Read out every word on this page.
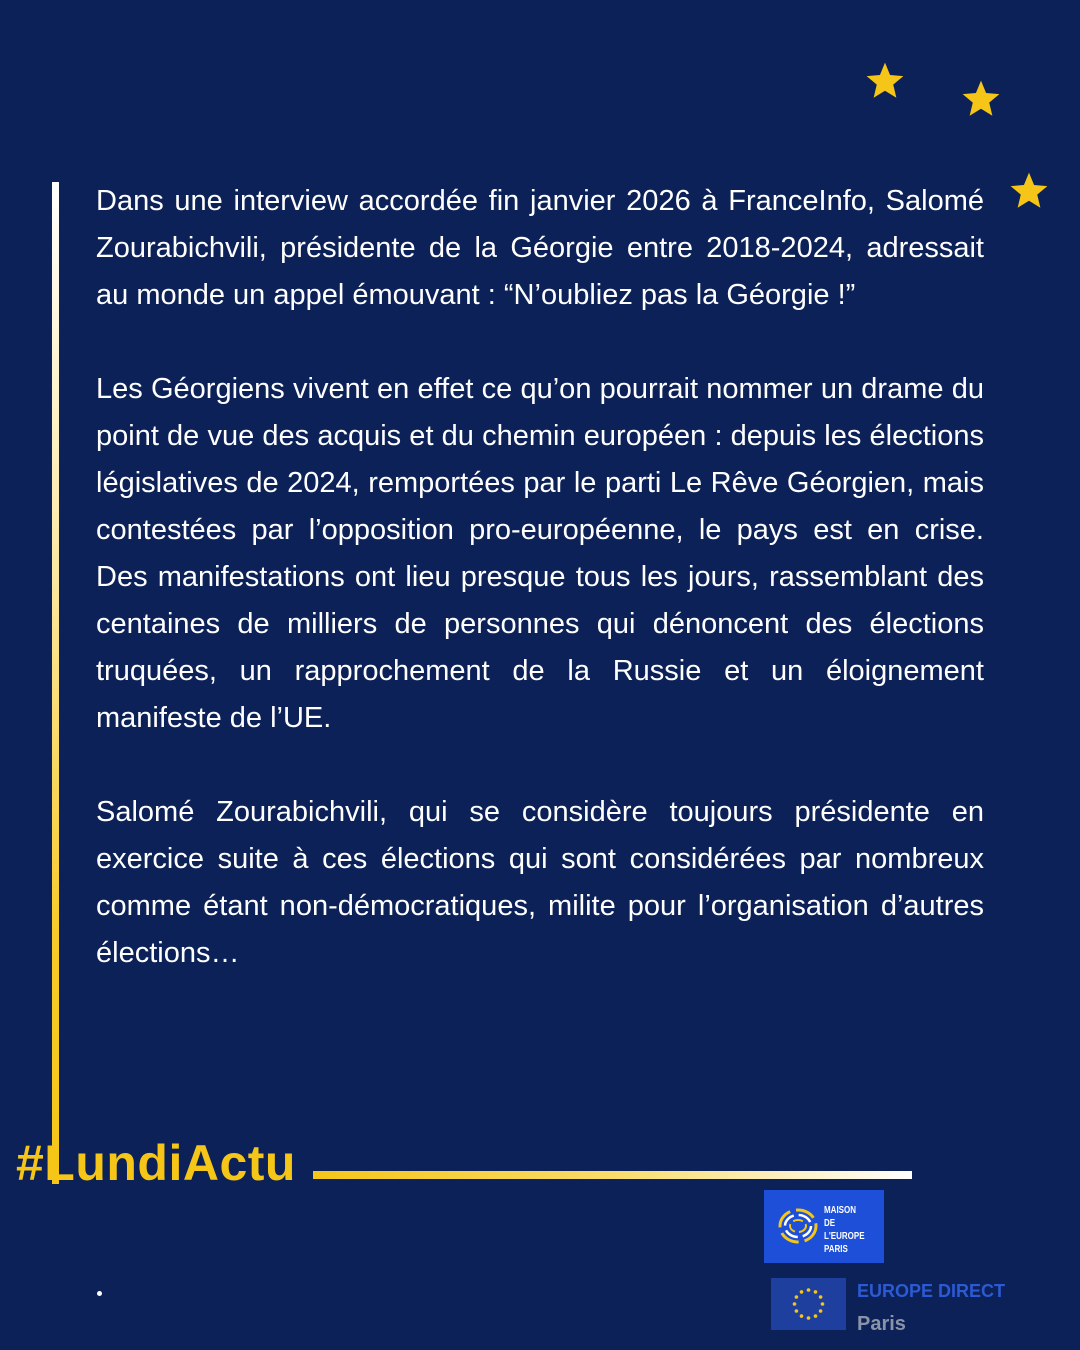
Dans une interview accordée fin janvier 2026 à FranceInfo, Salomé Zourabichvili, présidente de la Géorgie entre 2018-2024, adressait au monde un appel émouvant : “N’oubliez pas la Géorgie !”

Les Géorgiens vivent en effet ce qu’on pourrait nommer un drame du point de vue des acquis et du chemin européen : depuis les élections législatives de 2024, remportées par le parti Le Rêve Géorgien, mais contestées par l’opposition pro-européenne, le pays est en crise. Des manifestations ont lieu presque tous les jours, rassemblant des centaines de milliers de personnes qui dénoncent des élections truquées, un rapprochement de la Russie et un éloignement manifeste de l’UE.

Salomé Zourabichvili, qui se considère toujours présidente en exercice suite à ces élections qui sont considérées par nombreux comme étant non-démocratiques, milite pour l’organisation d’autres élections…

#LundiActu
MAISON
DE L'EUROPE
PARIS
EUROPE DIRECT
Paris
